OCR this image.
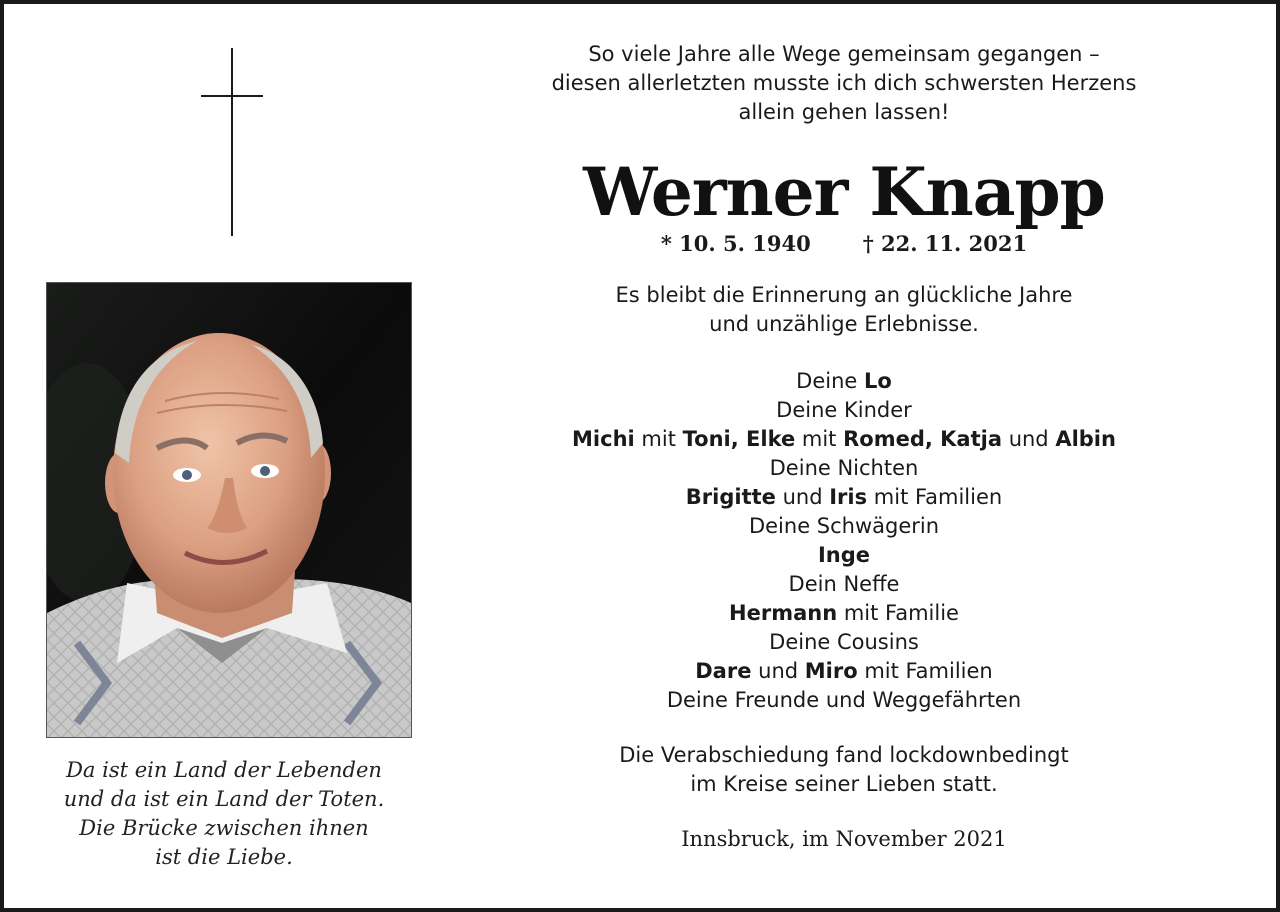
Da ist ein Land der Lebenden
und da ist ein Land der Toten.
Die Brücke zwischen ihnen
ist die Liebe.
So viele Jahre alle Wege gemeinsam gegangen –
diesen allerletzten musste ich dich schwersten Herzens
allein gehen lassen!
Werner Knapp
* 10. 5. 1940 † 22. 11. 2021
Es bleibt die Erinnerung an glückliche Jahre
und unzählige Erlebnisse.
Deine Lo
Deine Kinder
Michi mit Toni, Elke mit Romed, Katja und Albin
Deine Nichten
Brigitte und Iris mit Familien
Deine Schwägerin
Inge
Dein Neffe
Hermann mit Familie
Deine Cousins
Dare und Miro mit Familien
Deine Freunde und Weggefährten
Die Verabschiedung fand lockdownbedingt
im Kreise seiner Lieben statt.
Innsbruck, im November 2021
